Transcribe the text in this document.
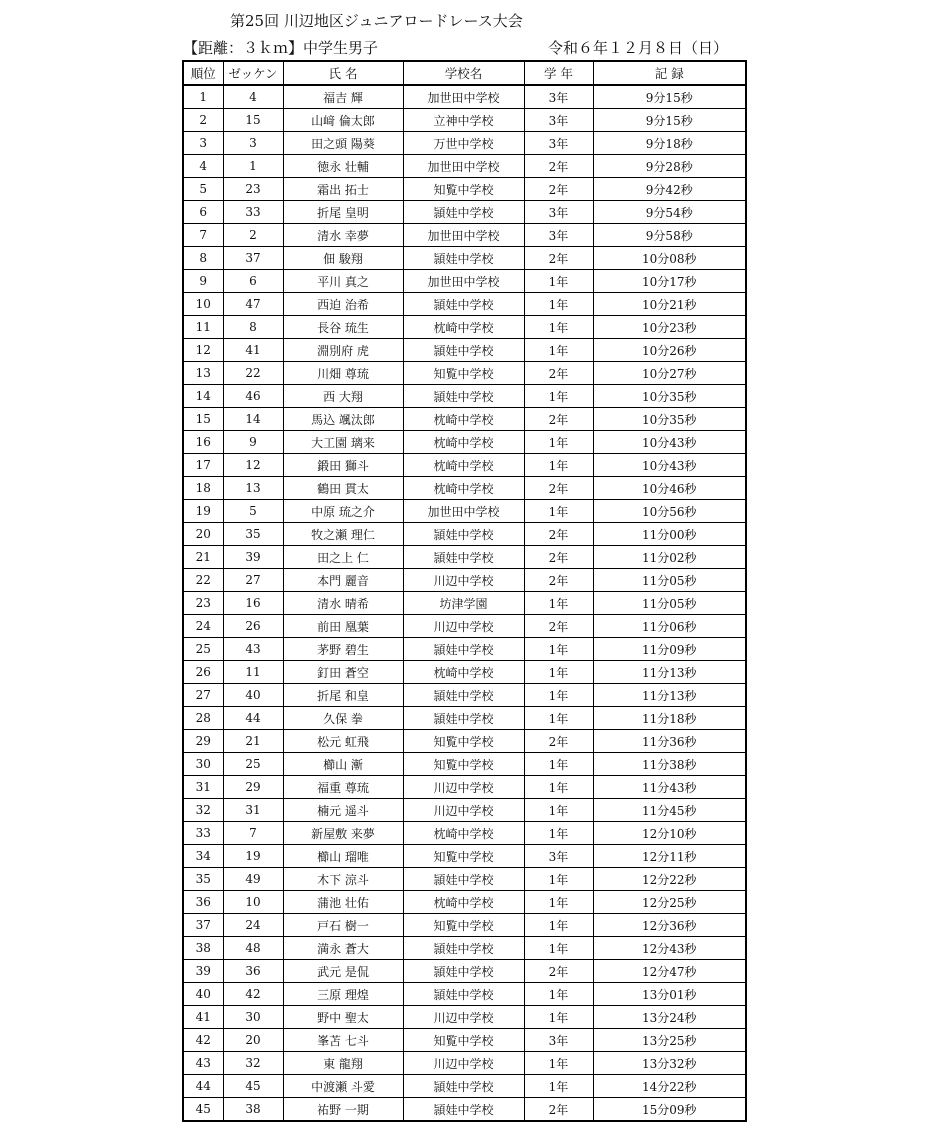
第25回 川辺地区ジュニアロードレース大会
【距離：３ｋｍ】中学生男子	令和６年１２月８日（日）
順位	ゼッケン	氏 名	学校名	学 年	記 録
1	4	福吉 輝	加世田中学校	3年	9分15秒
2	15	山﨑 倫太郎	立神中学校	3年	9分15秒
3	3	田之頭 陽葵	万世中学校	3年	9分18秒
4	1	徳永 壮輔	加世田中学校	2年	9分28秒
5	23	霜出 拓士	知覧中学校	2年	9分42秒
6	33	折尾 皇明	頴娃中学校	3年	9分54秒
7	2	清水 幸夢	加世田中学校	3年	9分58秒
8	37	佃 駿翔	頴娃中学校	2年	10分08秒
9	6	平川 真之	加世田中学校	1年	10分17秒
10	47	西迫 治希	頴娃中学校	1年	10分21秒
11	8	長谷 琉生	枕崎中学校	1年	10分23秒
12	41	淵別府 虎	頴娃中学校	1年	10分26秒
13	22	川畑 尊琉	知覧中学校	2年	10分27秒
14	46	西 大翔	頴娃中学校	1年	10分35秒
15	14	馬込 颯汰郎	枕崎中学校	2年	10分35秒
16	9	大工園 璃来	枕崎中学校	1年	10分43秒
17	12	鍛田 獅斗	枕崎中学校	1年	10分43秒
18	13	鶴田 貫太	枕崎中学校	2年	10分46秒
19	5	中原 琉之介	加世田中学校	1年	10分56秒
20	35	牧之瀬 理仁	頴娃中学校	2年	11分00秒
21	39	田之上 仁	頴娃中学校	2年	11分02秒
22	27	本門 麗音	川辺中学校	2年	11分05秒
23	16	清水 晴希	坊津学園	1年	11分05秒
24	26	前田 凰葉	川辺中学校	2年	11分06秒
25	43	茅野 碧生	頴娃中学校	1年	11分09秒
26	11	釘田 蒼空	枕崎中学校	1年	11分13秒
27	40	折尾 和皇	頴娃中学校	1年	11分13秒
28	44	久保 拳	頴娃中学校	1年	11分18秒
29	21	松元 虹飛	知覧中学校	2年	11分36秒
30	25	櫛山 漸	知覧中学校	1年	11分38秒
31	29	福重 尊琉	川辺中学校	1年	11分43秒
32	31	楠元 遥斗	川辺中学校	1年	11分45秒
33	7	新屋敷 来夢	枕崎中学校	1年	12分10秒
34	19	櫛山 瑠唯	知覧中学校	3年	12分11秒
35	49	木下 涼斗	頴娃中学校	1年	12分22秒
36	10	蒲池 壮佑	枕崎中学校	1年	12分25秒
37	24	戸石 樹一	知覧中学校	1年	12分36秒
38	48	満永 蒼大	頴娃中学校	1年	12分43秒
39	36	武元 是侃	頴娃中学校	2年	12分47秒
40	42	三原 理煌	頴娃中学校	1年	13分01秒
41	30	野中 聖太	川辺中学校	1年	13分24秒
42	20	峯苫 七斗	知覧中学校	3年	13分25秒
43	32	東 龍翔	川辺中学校	1年	13分32秒
44	45	中渡瀬 斗愛	頴娃中学校	1年	14分22秒
45	38	祐野 一期	頴娃中学校	2年	15分09秒
